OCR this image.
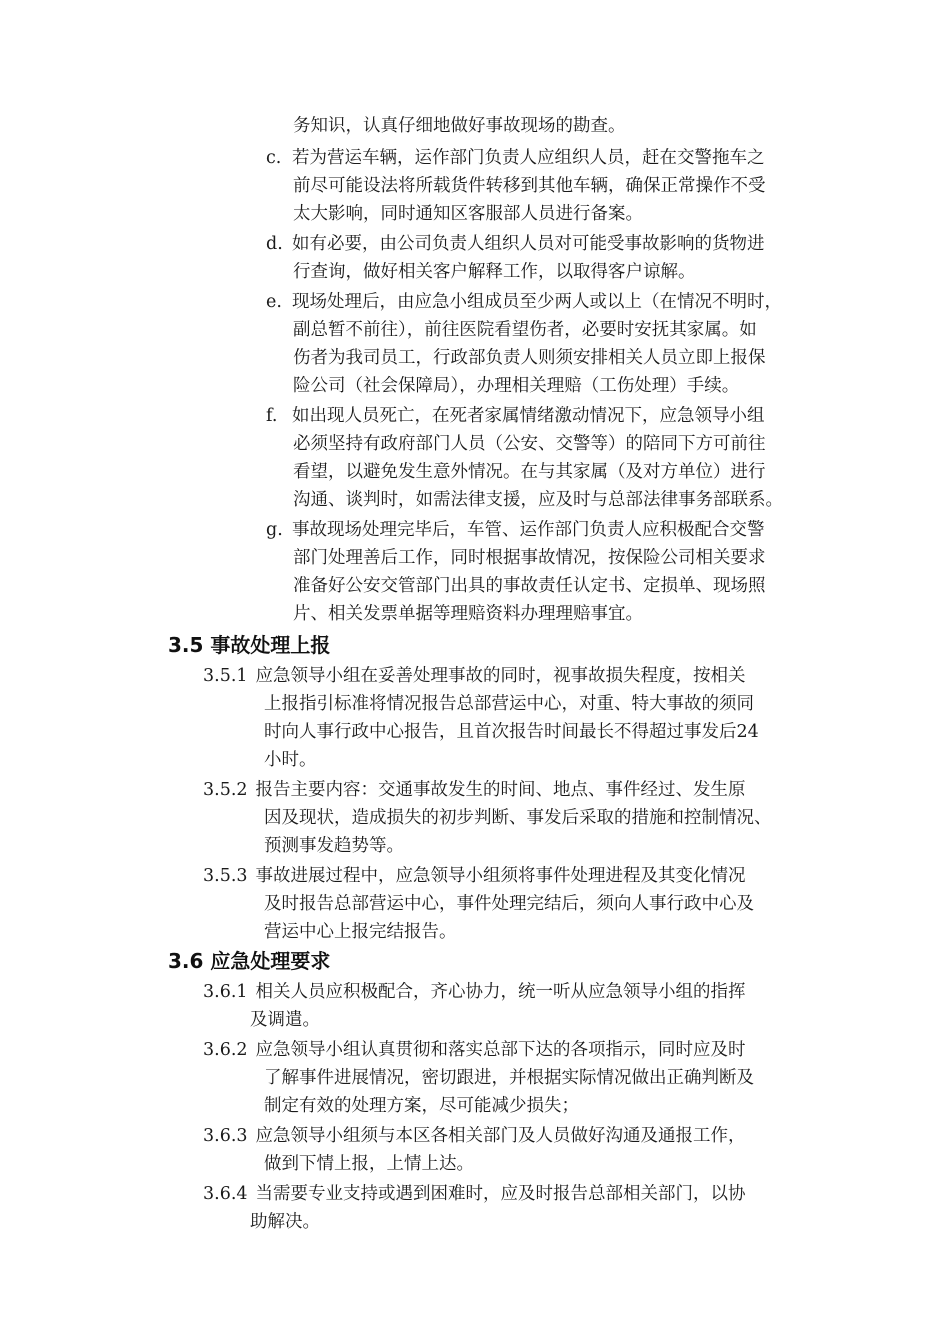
务知识，认真仔细地做好事故现场的勘查。
c. 若为营运车辆，运作部门负责人应组织人员，赶在交警拖车之
前尽可能设法将所载货件转移到其他车辆，确保正常操作不受
太大影响，同时通知区客服部人员进行备案。
d. 如有必要，由公司负责人组织人员对可能受事故影响的货物进
行查询，做好相关客户解释工作，以取得客户谅解。
e. 现场处理后，由应急小组成员至少两人或以上（在情况不明时，
副总暂不前往），前往医院看望伤者，必要时安抚其家属。如
伤者为我司员工，行政部负责人则须安排相关人员立即上报保
险公司（社会保障局），办理相关理赔（工伤处理）手续。
f. 如出现人员死亡，在死者家属情绪激动情况下，应急领导小组
必须坚持有政府部门人员（公安、交警等）的陪同下方可前往
看望，以避免发生意外情况。在与其家属（及对方单位）进行
沟通、谈判时，如需法律支援，应及时与总部法律事务部联系。
g. 事故现场处理完毕后，车管、运作部门负责人应积极配合交警
部门处理善后工作，同时根据事故情况，按保险公司相关要求
准备好公安交管部门出具的事故责任认定书、定损单、现场照
片、相关发票单据等理赔资料办理理赔事宜。
3.5 事故处理上报
3.5.1 应急领导小组在妥善处理事故的同时，视事故损失程度，按相关
上报指引标准将情况报告总部营运中心，对重、特大事故的须同
时向人事行政中心报告，且首次报告时间最长不得超过事发后24
小时。
3.5.2 报告主要内容：交通事故发生的时间、地点、事件经过、发生原
因及现状，造成损失的初步判断、事发后采取的措施和控制情况、
预测事发趋势等。
3.5.3 事故进展过程中，应急领导小组须将事件处理进程及其变化情况
及时报告总部营运中心，事件处理完结后，须向人事行政中心及
营运中心上报完结报告。
3.6 应急处理要求
3.6.1 相关人员应积极配合，齐心协力，统一听从应急领导小组的指挥
及调遣。
3.6.2 应急领导小组认真贯彻和落实总部下达的各项指示，同时应及时
了解事件进展情况，密切跟进，并根据实际情况做出正确判断及
制定有效的处理方案，尽可能减少损失；
3.6.3 应急领导小组须与本区各相关部门及人员做好沟通及通报工作，
做到下情上报，上情上达。
3.6.4 当需要专业支持或遇到困难时，应及时报告总部相关部门，以协
助解决。
